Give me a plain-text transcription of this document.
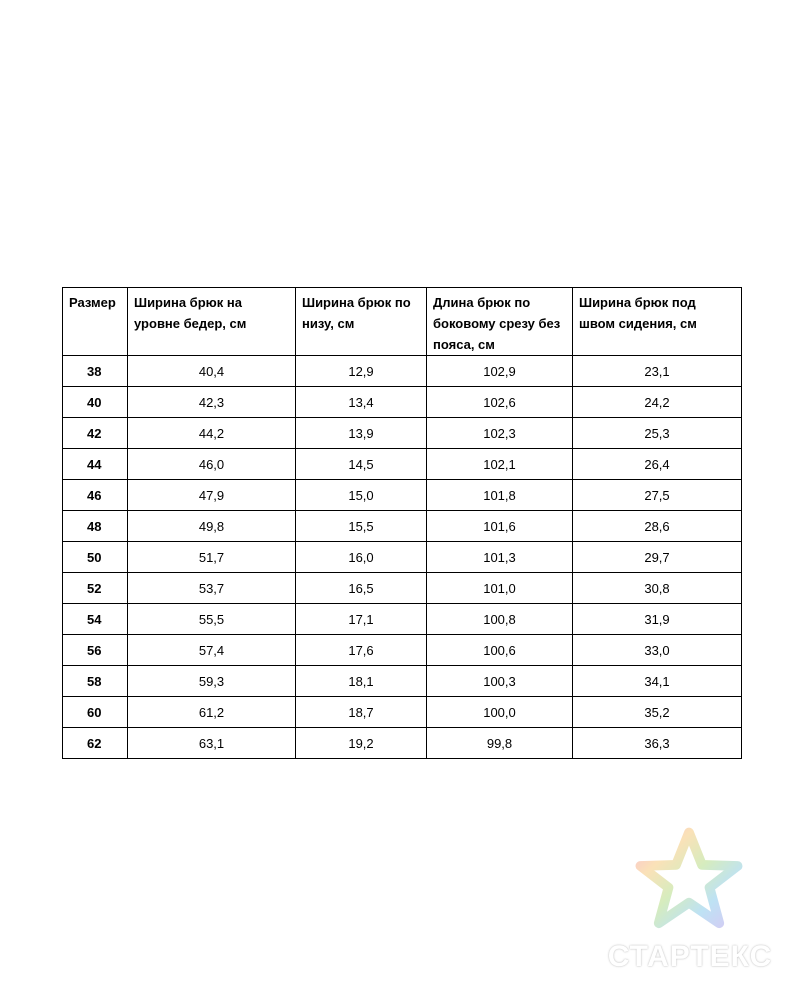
Размер	Ширина брюк на уровне бедер, см	Ширина брюк по низу, см	Длина брюк по боковому срезу без пояса, см	Ширина брюк под швом сидения, см
38	40,4	12,9	102,9	23,1
40	42,3	13,4	102,6	24,2
42	44,2	13,9	102,3	25,3
44	46,0	14,5	102,1	26,4
46	47,9	15,0	101,8	27,5
48	49,8	15,5	101,6	28,6
50	51,7	16,0	101,3	29,7
52	53,7	16,5	101,0	30,8
54	55,5	17,1	100,8	31,9
56	57,4	17,6	100,6	33,0
58	59,3	18,1	100,3	34,1
60	61,2	18,7	100,0	35,2
62	63,1	19,2	99,8	36,3
СТАРТЕКС
